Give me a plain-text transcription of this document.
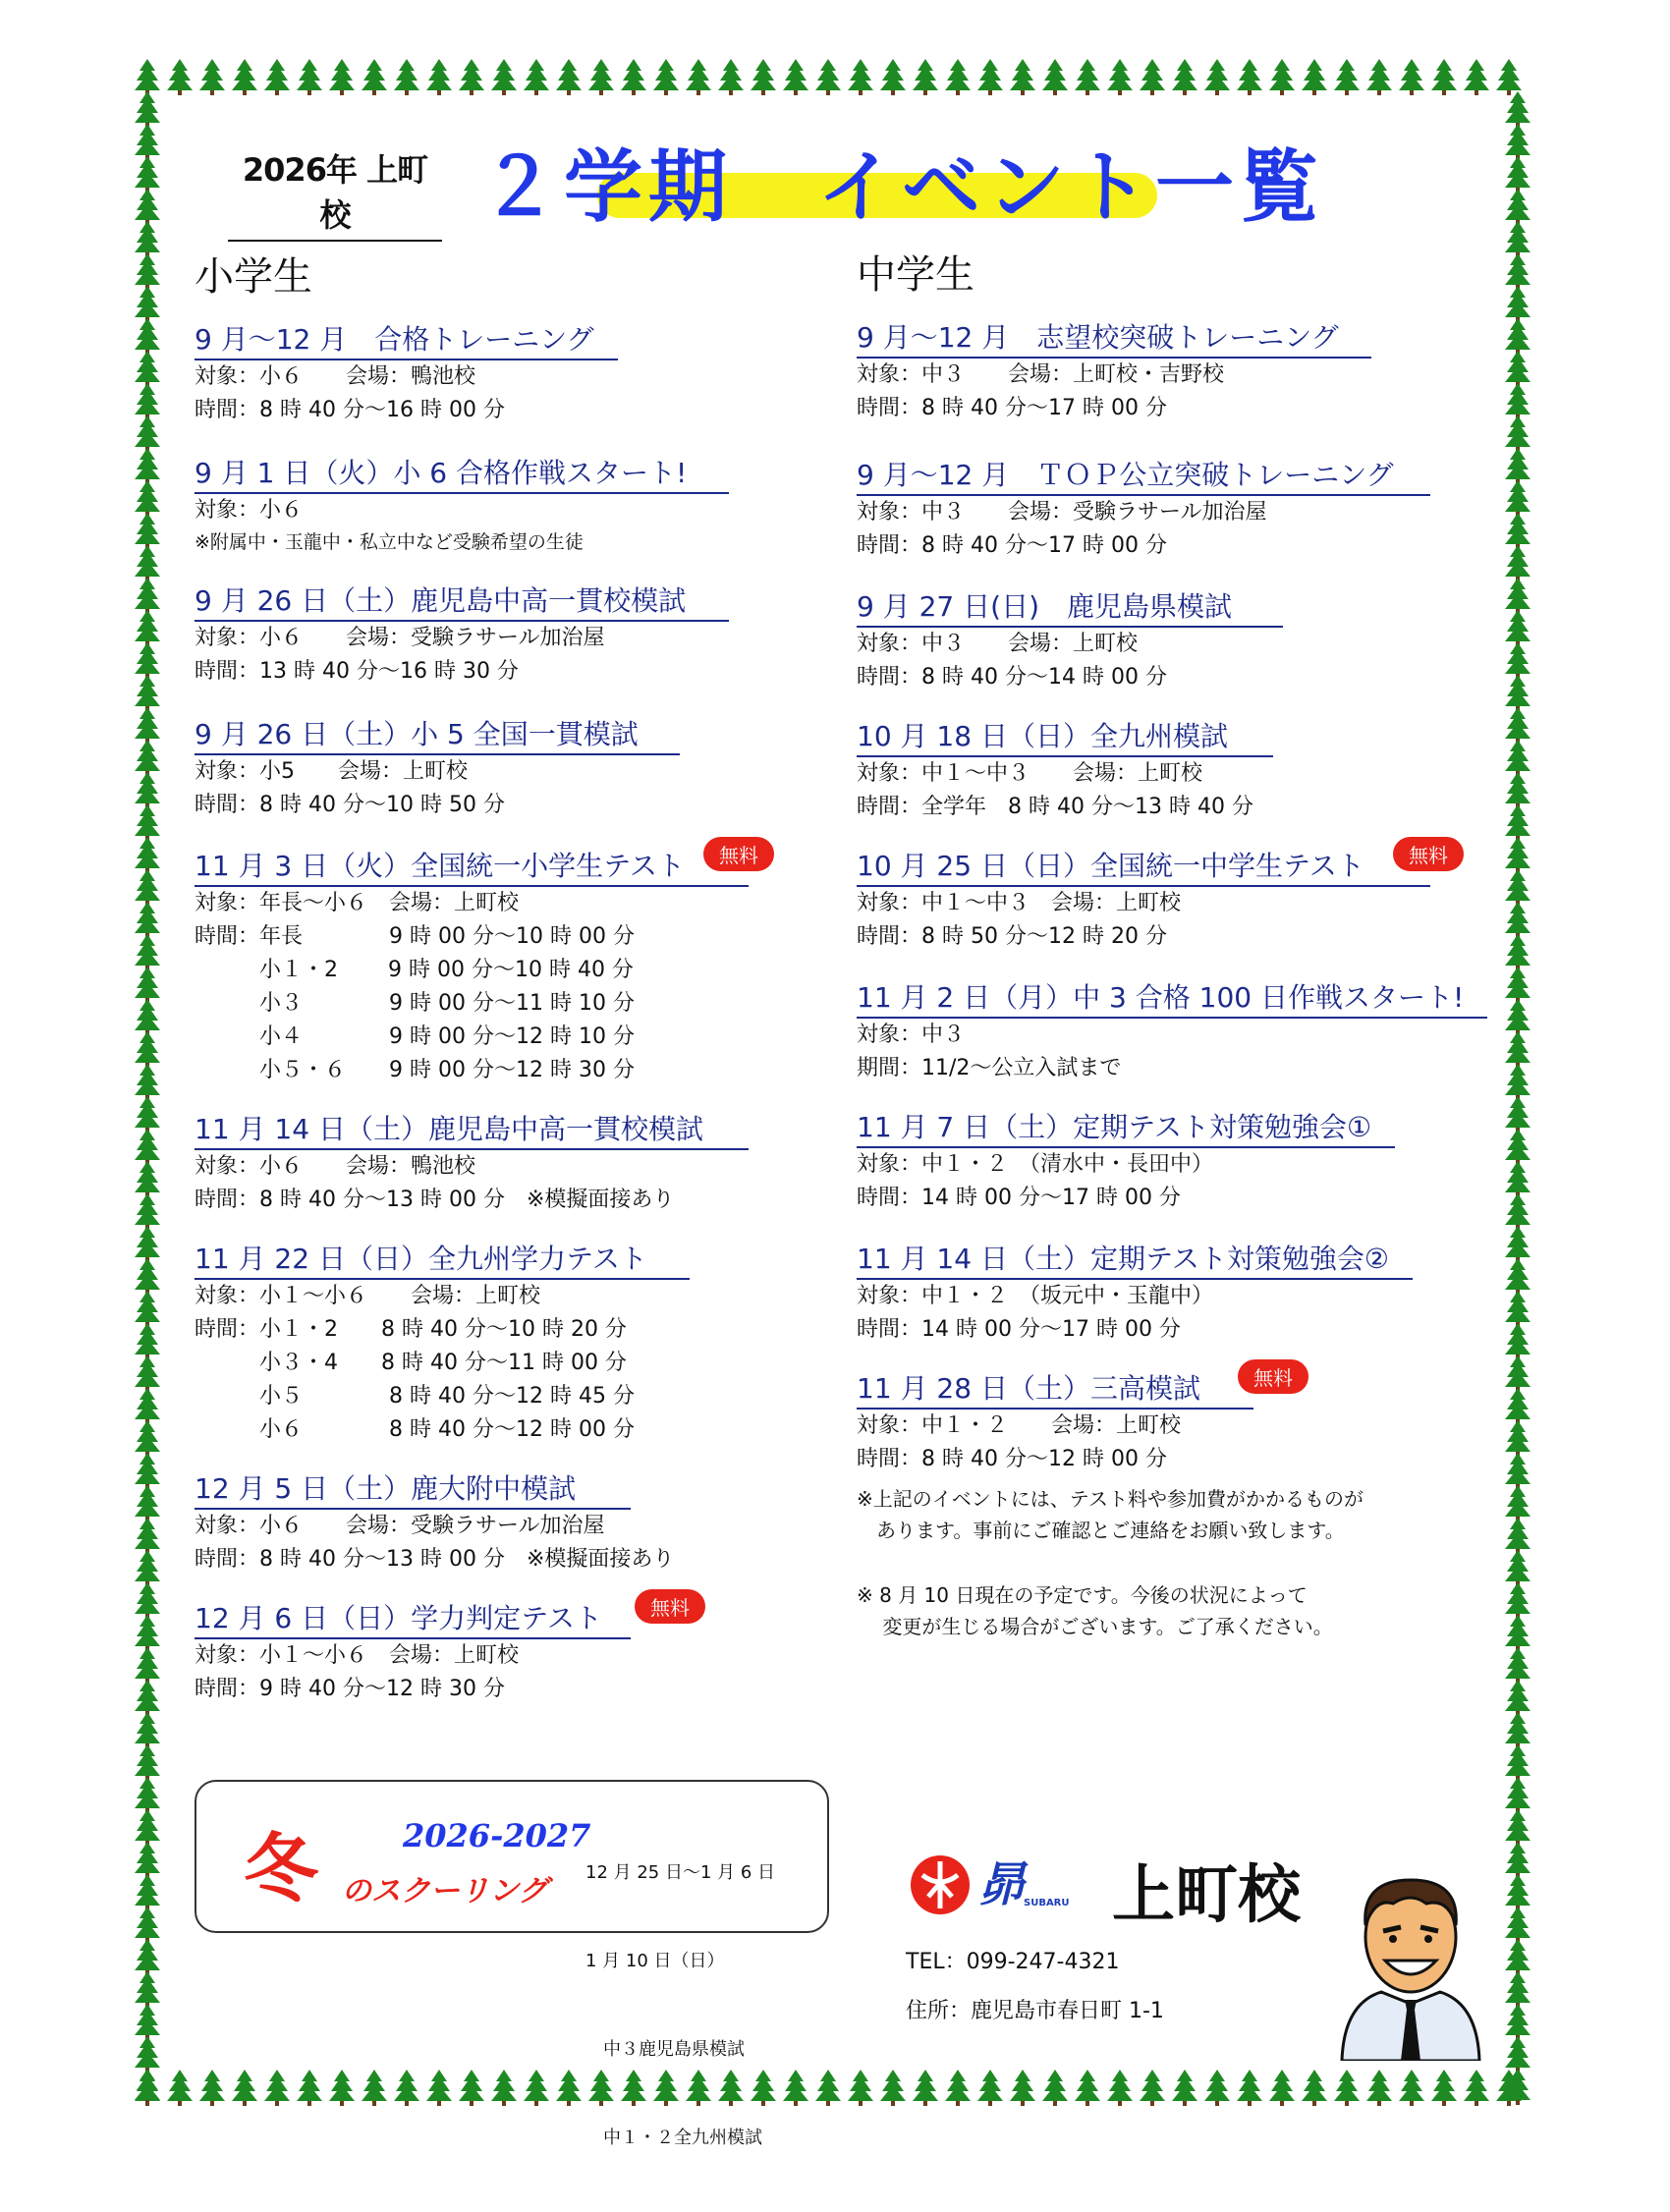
2026年 上町校	２学期　イベント一覧
小学生	中学生
9 月～12 月　合格トレーニング
対象：小６　　会場：鴨池校
時間：8 時 40 分～16 時 00 分
9 月 1 日（火）小 6 合格作戦スタート!
対象：小６
※附属中・玉龍中・私立中など受験希望の生徒
9 月 26 日（土）鹿児島中高一貫校模試
対象：小６　　会場：受験ラサール加治屋
時間：13 時 40 分～16 時 30 分
9 月 26 日（土）小 5 全国一貫模試
対象：小5　　会場：上町校
時間：8 時 40 分～10 時 50 分
11 月 3 日（火）全国統一小学生テスト
対象：年長～小６　会場：上町校
時間：年長　　　　9 時 00 分～10 時 00 分
　　　小１・2　　 9 時 00 分～10 時 40 分
　　　小３　　　　9 時 00 分～11 時 10 分
　　　小４　　　　9 時 00 分～12 時 10 分
　　　小５・６　　9 時 00 分～12 時 30 分
無料
11 月 14 日（土）鹿児島中高一貫校模試
対象：小６　　会場：鴨池校
時間：8 時 40 分～13 時 00 分　※模擬面接あり
11 月 22 日（日）全九州学力テスト
対象：小１～小６　　会場：上町校
時間：小１・2　　8 時 40 分～10 時 20 分
　　　小３・4　　8 時 40 分～11 時 00 分
　　　小５　　　　8 時 40 分～12 時 45 分
　　　小６　　　　8 時 40 分～12 時 00 分
12 月 5 日（土）鹿大附中模試
対象：小６　　会場：受験ラサール加治屋
時間：8 時 40 分～13 時 00 分　※模擬面接あり
12 月 6 日（日）学力判定テスト
対象：小１～小６　会場：上町校
時間：9 時 40 分～12 時 30 分
無料
9 月～12 月　志望校突破トレーニング
対象：中３　　会場：上町校・吉野校
時間：8 時 40 分～17 時 00 分
9 月～12 月　ＴＯＰ公立突破トレーニング
対象：中３　　会場：受験ラサール加治屋
時間：8 時 40 分～17 時 00 分
9 月 27 日(日)　鹿児島県模試
対象：中３　　会場：上町校
時間：8 時 40 分～14 時 00 分
10 月 18 日（日）全九州模試
対象：中１～中３　　会場：上町校
時間：全学年　8 時 40 分～13 時 40 分
10 月 25 日（日）全国統一中学生テスト
対象：中１～中３　会場：上町校
時間：8 時 50 分～12 時 20 分
無料
11 月 2 日（月）中 3 合格 100 日作戦スタート!
対象：中３
期間：11/2～公立入試まで
11 月 7 日（土）定期テスト対策勉強会①
対象：中１・２　（清水中・長田中）
時間：14 時 00 分～17 時 00 分
11 月 14 日（土）定期テスト対策勉強会②
対象：中１・２　（坂元中・玉龍中）
時間：14 時 00 分～17 時 00 分
11 月 28 日（土）三高模試
対象：中１・２　　会場：上町校
時間：8 時 40 分～12 時 00 分
無料
※上記のイベントには、テスト料や参加費がかかるものが
　あります。事前にご確認とご連絡をお願い致します。
※ 8 月 10 日現在の予定です。今後の状況によって
　 変更が生じる場合がございます。ご了承ください。
冬	2026-2027
のスクーリング

12 月 25 日～1 月 6 日

1 月 10 日（日）

　中３鹿児島県模試

　中１・２全九州模試

昴
SUBARU 上町校
TEL：099-247-4321
住所：鹿児島市春日町 1-1
